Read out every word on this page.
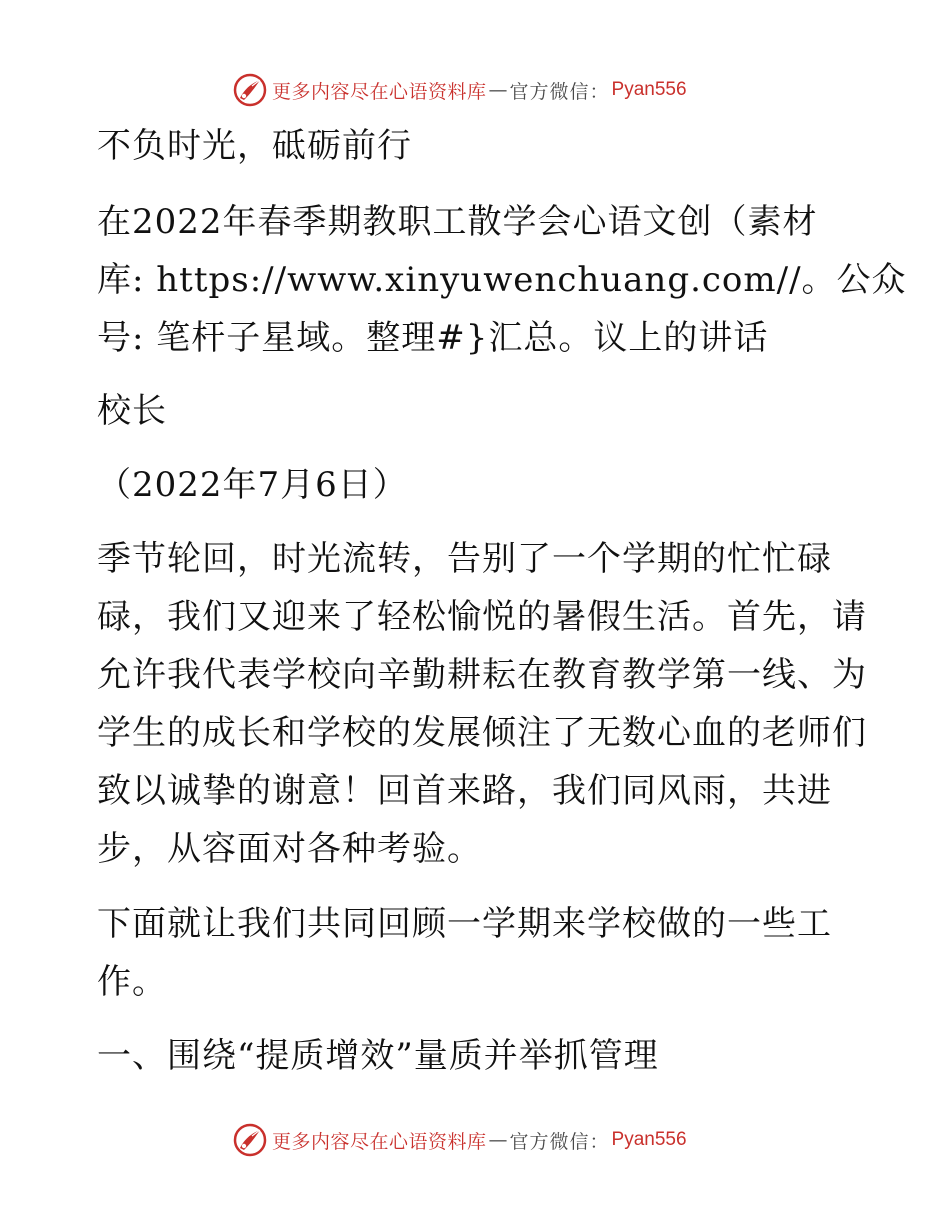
更多内容尽在心语资料库 — 官方微信： Pyan556
不负时光，砥砺前行
在2022年春季期教职工散学会心语文创（素材
库: https://www.xinyuwenchuang.com//。公众
号: 笔杆子星域。整理#}汇总。议上的讲话
校长
（2022年7月6日）
季节轮回，时光流转，告别了一个学期的忙忙碌
碌，我们又迎来了轻松愉悦的暑假生活。首先，请
允许我代表学校向辛勤耕耘在教育教学第一线、为
学生的成长和学校的发展倾注了无数心血的老师们
致以诚挚的谢意！回首来路，我们同风雨，共进
步，从容面对各种考验。
下面就让我们共同回顾一学期来学校做的一些工
作。
一、围绕“提质增效”量质并举抓管理
更多内容尽在心语资料库 — 官方微信： Pyan556
